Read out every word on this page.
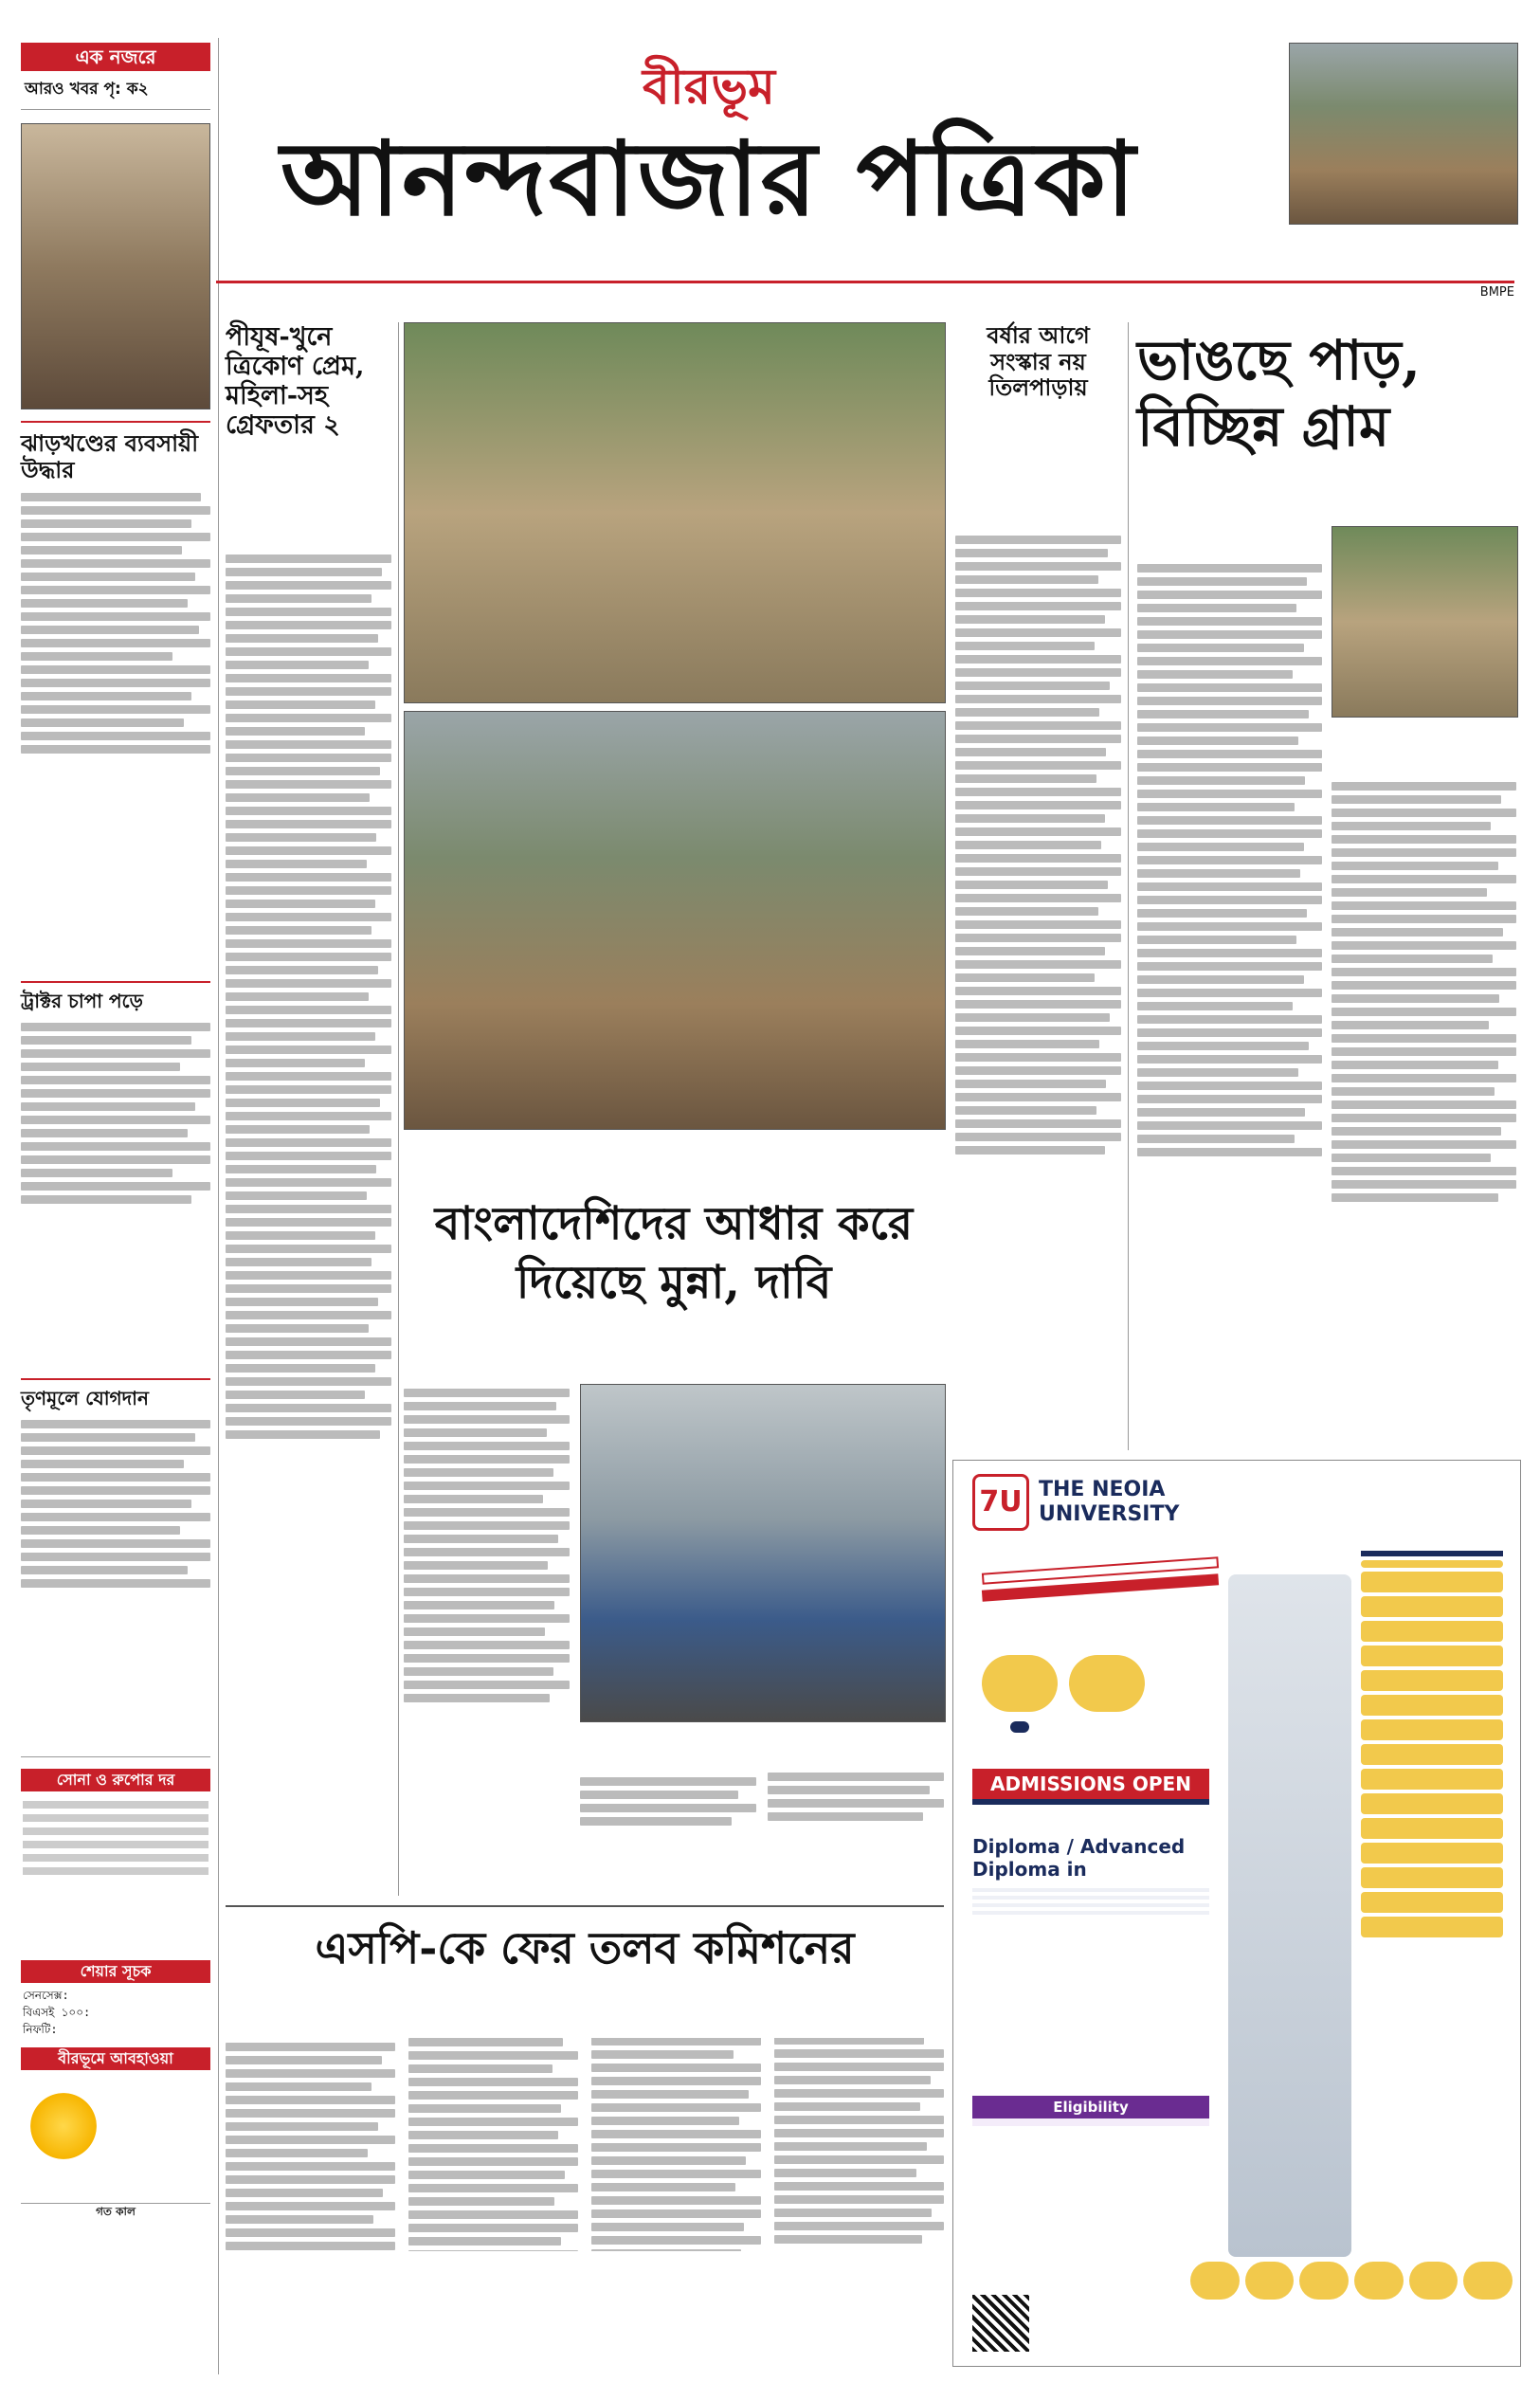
এক নজরে
আরও খবর পৃ: ক২
ঝাড়খণ্ডের ব্যবসায়ী উদ্ধার
ট্রাক্টর চাপা পড়ে
তৃণমূলে যোগদান
সোনা ও রুপোর দর
শেয়ার সূচক
সেনসেক্স:
বিএসই ১০০:
নিফটি:
বীরভূমে আবহাওয়া
গত কাল
বীরভূম
আনন্দবাজার পত্রিকা
BMPE
পীযূষ-খুনে ত্রিকোণ প্রেম, মহিলা-সহ গ্রেফতার ২
বাংলাদেশিদের আধার করে দিয়েছে মুন্না, দাবি
বর্ষার আগে সংস্কার নয় তিলপাড়ায় ভাঙছে পাড়, বিচ্ছিন্ন গ্রাম
এসপি-কে ফের তলব কমিশনের
7U THE NEOIA UNIVERSITY
ADMISSIONS OPEN
Diploma / Advanced Diploma in
Eligibility
